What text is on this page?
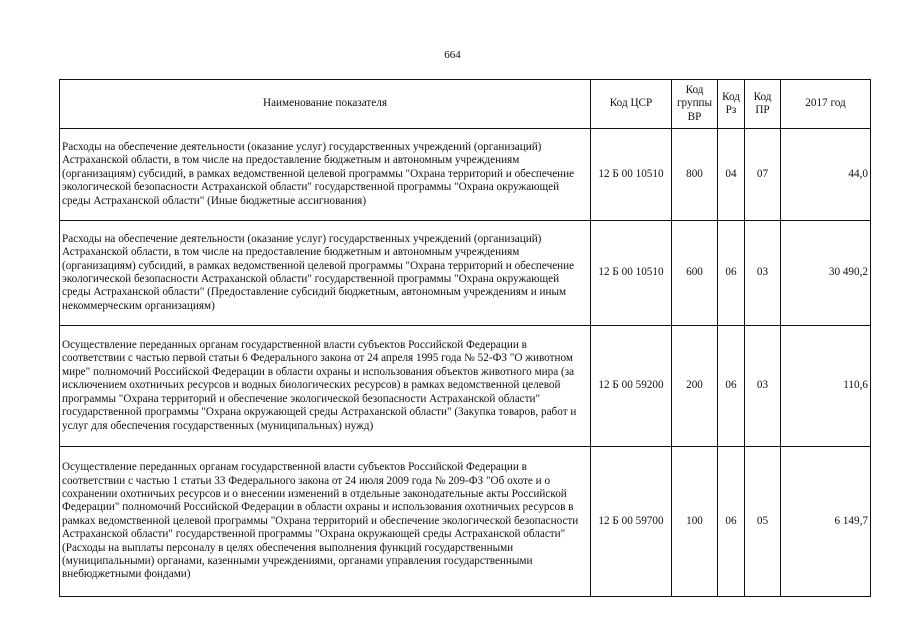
664
Наименование показателя	Код ЦСР	Код группы ВР	Код Рз	Код ПР	2017 год
Расходы на обеспечение деятельности (оказание услуг) государственных учреждений (организаций) Астраханской области, в том числе на предоставление бюджетным и автономным учреждениям (организациям) субсидий, в рамках ведомственной целевой программы "Охрана территорий и обеспечение экологической безопасности Астраханской области" государственной программы "Охрана окружающей среды Астраханской области" (Иные бюджетные ассигнования)	12 Б 00 10510	800	04	07	44,0
Расходы на обеспечение деятельности (оказание услуг) государственных учреждений (организаций) Астраханской области, в том числе на предоставление бюджетным и автономным учреждениям (организациям) субсидий, в рамках ведомственной целевой программы "Охрана территорий и обеспечение экологической безопасности Астраханской области" государственной программы "Охрана окружающей среды Астраханской области" (Предоставление субсидий бюджетным, автономным учреждениям и иным некоммерческим организациям)	12 Б 00 10510	600	06	03	30 490,2
Осуществление переданных органам государственной власти субъектов Российской Федерации в соответствии с частью первой статьи 6 Федерального закона от 24 апреля 1995 года № 52-ФЗ "О животном мире" полномочий Российской Федерации в области охраны и использования объектов животного мира (за исключением охотничьих ресурсов и водных биологических ресурсов) в рамках ведомственной целевой программы "Охрана территорий и обеспечение экологической безопасности Астраханской области" государственной программы "Охрана окружающей среды Астраханской области" (Закупка товаров, работ и услуг для обеспечения государственных (муниципальных) нужд)	12 Б 00 59200	200	06	03	110,6
Осуществление переданных органам государственной власти субъектов Российской Федерации в соответствии с частью 1 статьи 33 Федерального закона от 24 июля 2009 года № 209-ФЗ "Об охоте и о сохранении охотничьих ресурсов и о внесении изменений в отдельные законодательные акты Российской Федерации" полномочий Российской Федерации в области охраны и использования охотничьих ресурсов в рамках ведомственной целевой программы "Охрана территорий и обеспечение экологической безопасности Астраханской области" государственной программы "Охрана окружающей среды Астраханской области" (Расходы на выплаты персоналу в целях обеспечения выполнения функций государственными (муниципальными) органами, казенными учреждениями, органами управления государственными внебюджетными фондами)	12 Б 00 59700	100	06	05	6 149,7
